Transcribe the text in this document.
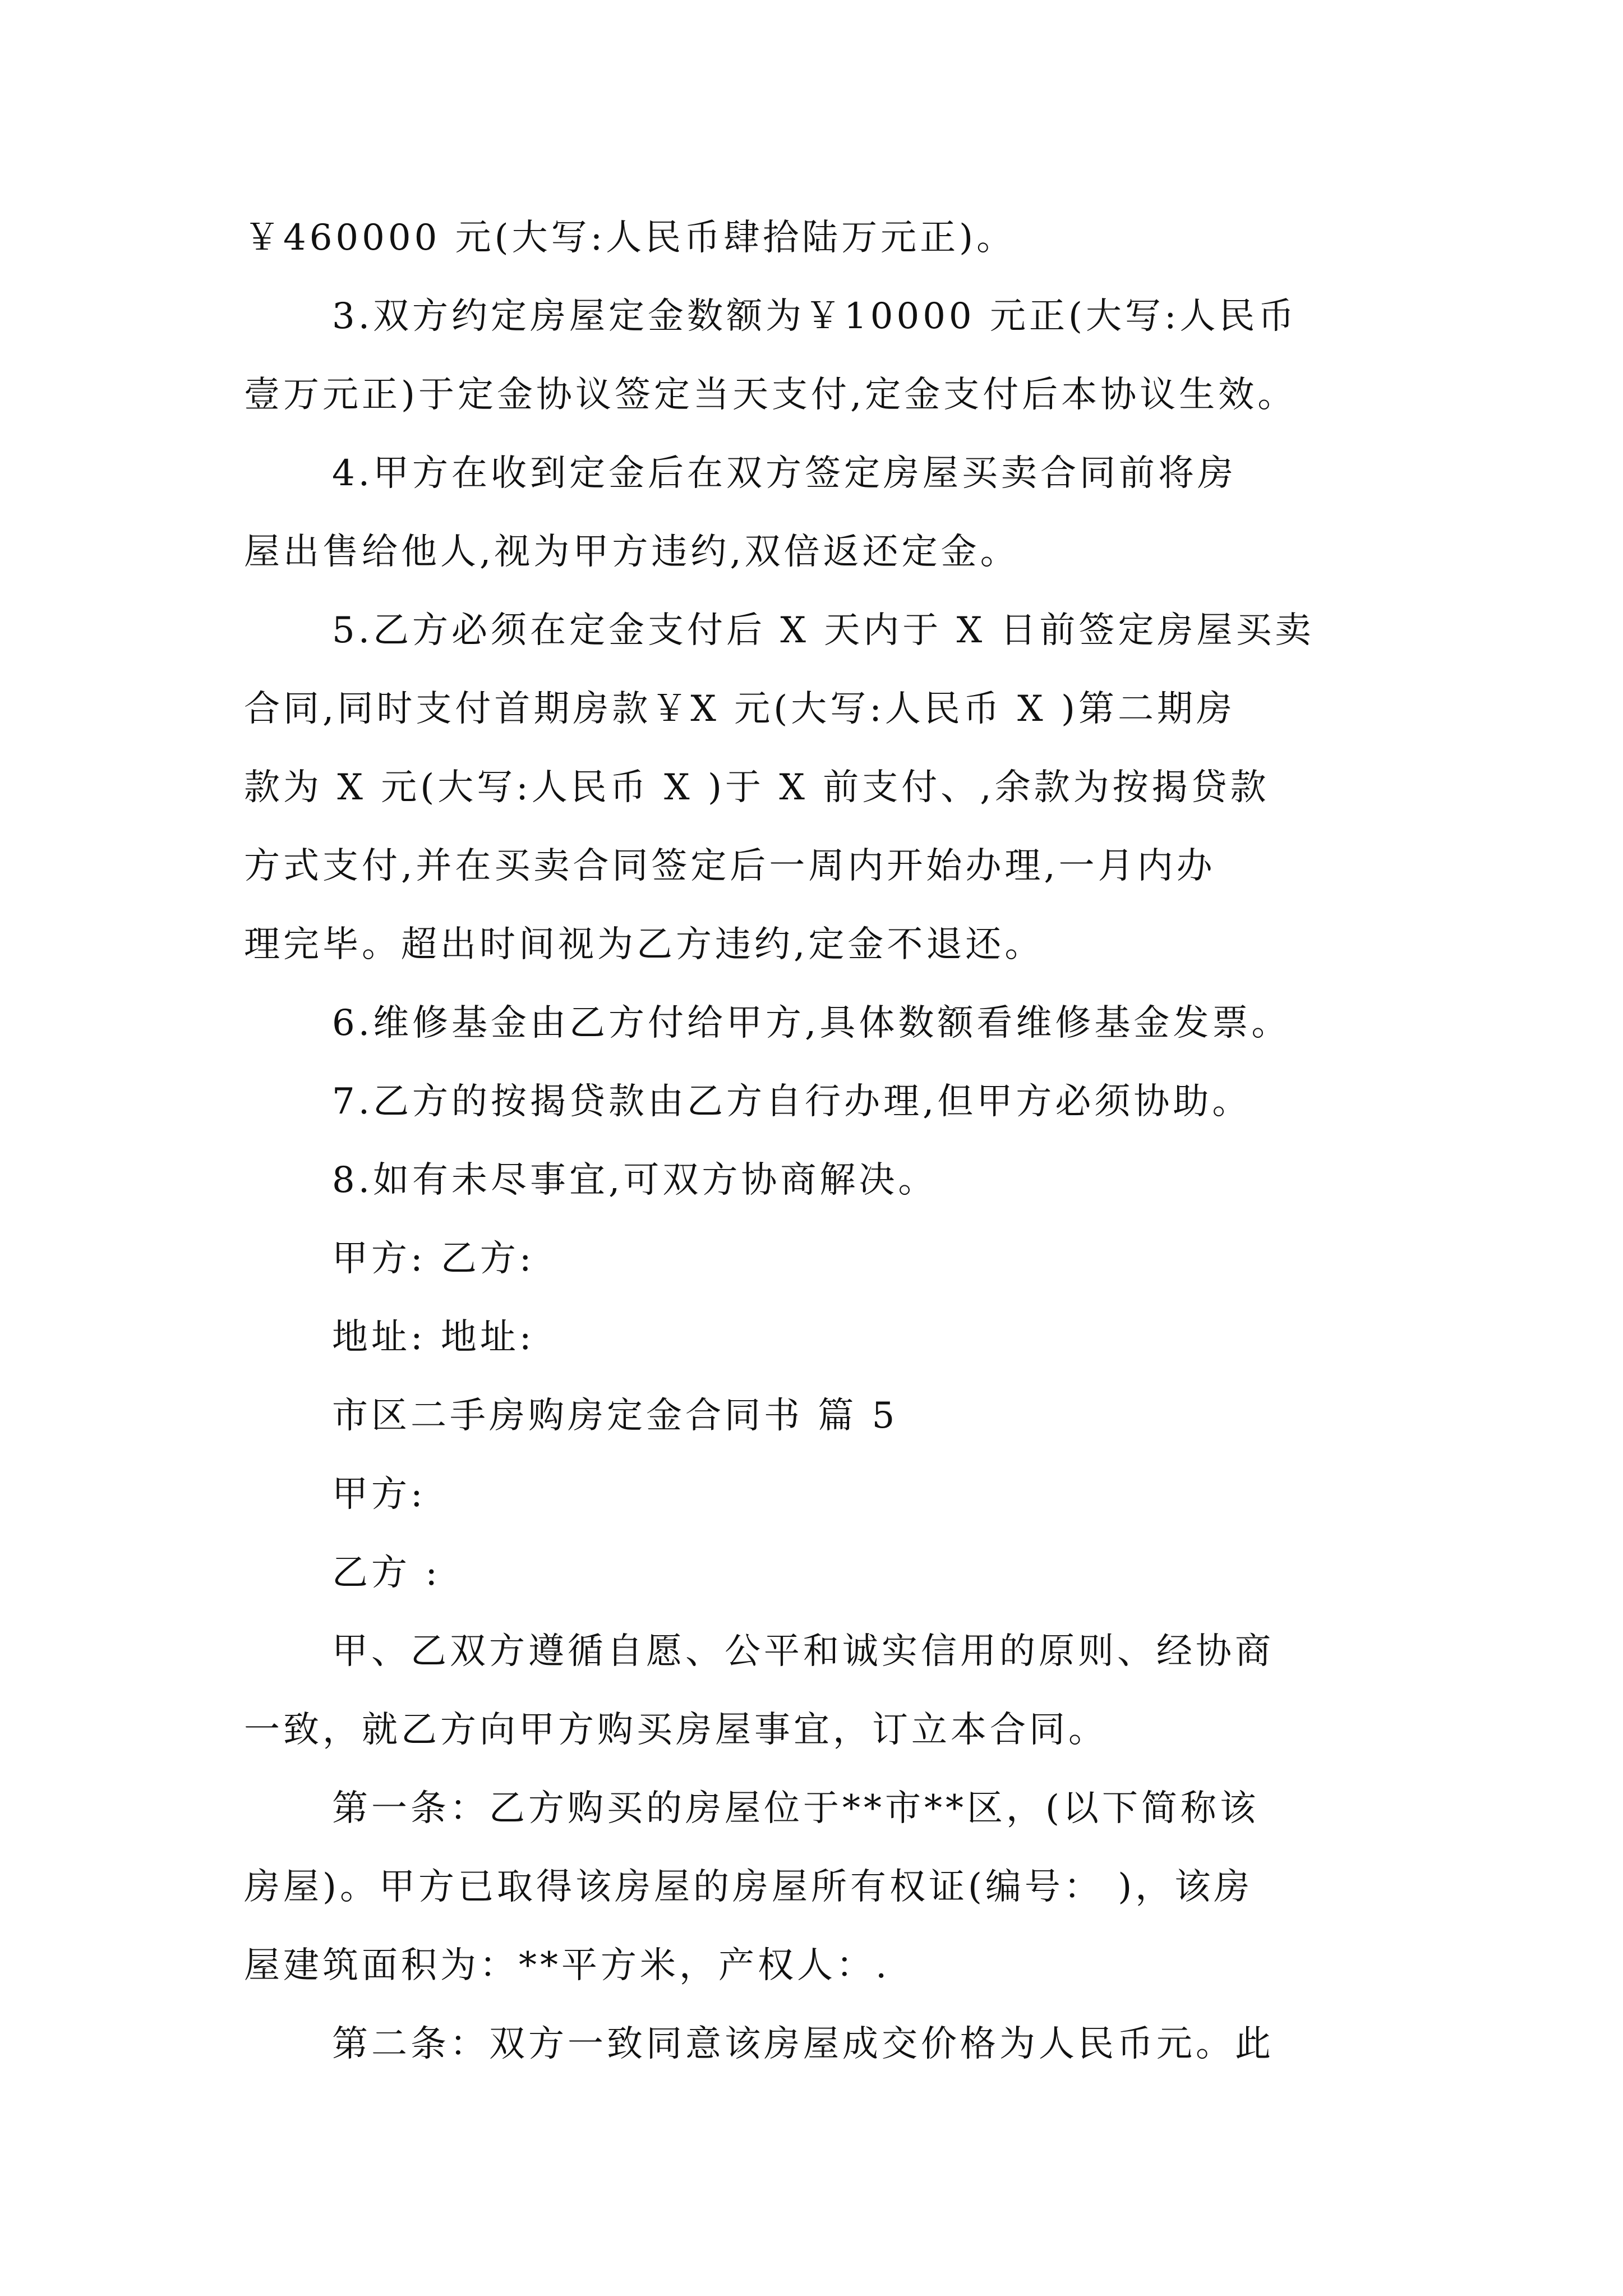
￥460000 元(大写:人民币肆拾陆万元正)。
3.双方约定房屋定金数额为￥10000 元正(大写:人民币
壹万元正)于定金协议签定当天支付,定金支付后本协议生效。
4.甲方在收到定金后在双方签定房屋买卖合同前将房
屋出售给他人,视为甲方违约,双倍返还定金。
5.乙方必须在定金支付后 X 天内于 X 日前签定房屋买卖
合同,同时支付首期房款￥X 元(大写:人民币 X )第二期房
款为 X 元(大写:人民币 X )于 X 前支付、,余款为按揭贷款
方式支付,并在买卖合同签定后一周内开始办理,一月内办
理完毕。超出时间视为乙方违约,定金不退还。
6.维修基金由乙方付给甲方,具体数额看维修基金发票。
7.乙方的按揭贷款由乙方自行办理,但甲方必须协助。
8.如有未尽事宜,可双方协商解决。
甲方: 乙方:
地址: 地址:
市区二手房购房定金合同书 篇 5
甲方:
乙方 :
甲、乙双方遵循自愿、公平和诚实信用的原则、经协商
一致，就乙方向甲方购买房屋事宜，订立本合同。
第一条：乙方购买的房屋位于**市**区，(以下简称该
房屋)。甲方已取得该房屋的房屋所有权证(编号： )，该房
屋建筑面积为：**平方米，产权人：.
第二条：双方一致同意该房屋成交价格为人民币元。此
